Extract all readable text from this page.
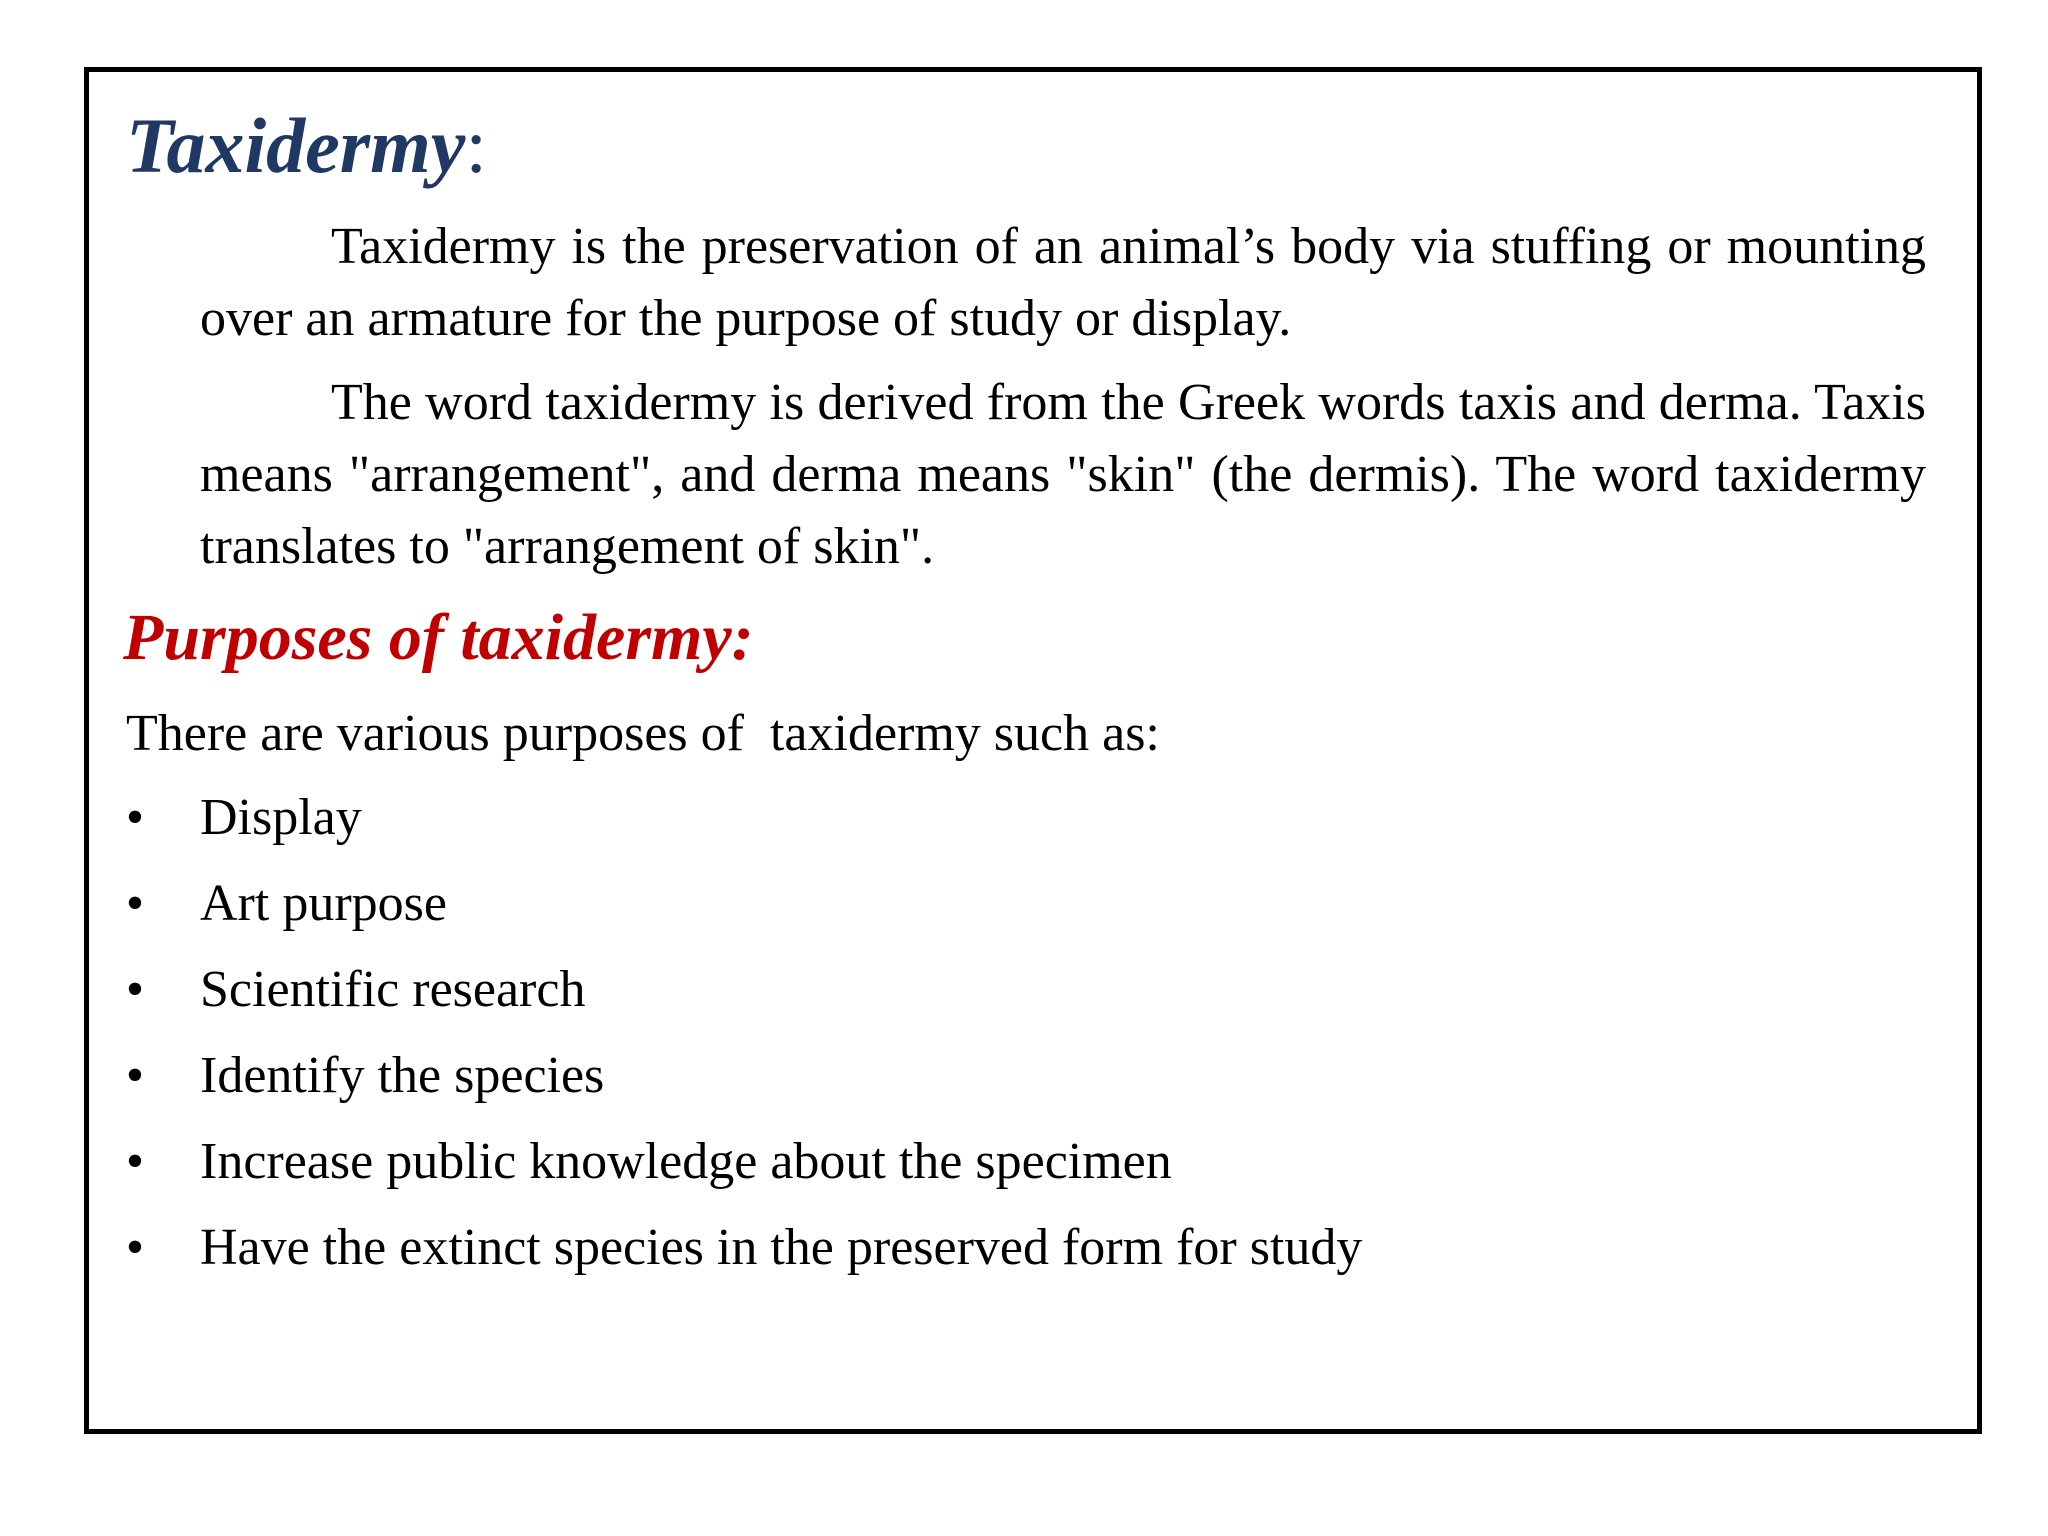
Taxidermy:

Taxidermy is the preservation of an animal’s body via stuffing or mounting over an armature for the purpose of study or display.

The word taxidermy is derived from the Greek words taxis and derma. Taxis means "arrangement", and derma means "skin" (the dermis). The word taxidermy translates to "arrangement of skin".

Purposes of taxidermy:

There are various purposes of  taxidermy such as:

• Display
• Art purpose
• Scientific research
• Identify the species
• Increase public knowledge about the specimen
• Have the extinct species in the preserved form for study
